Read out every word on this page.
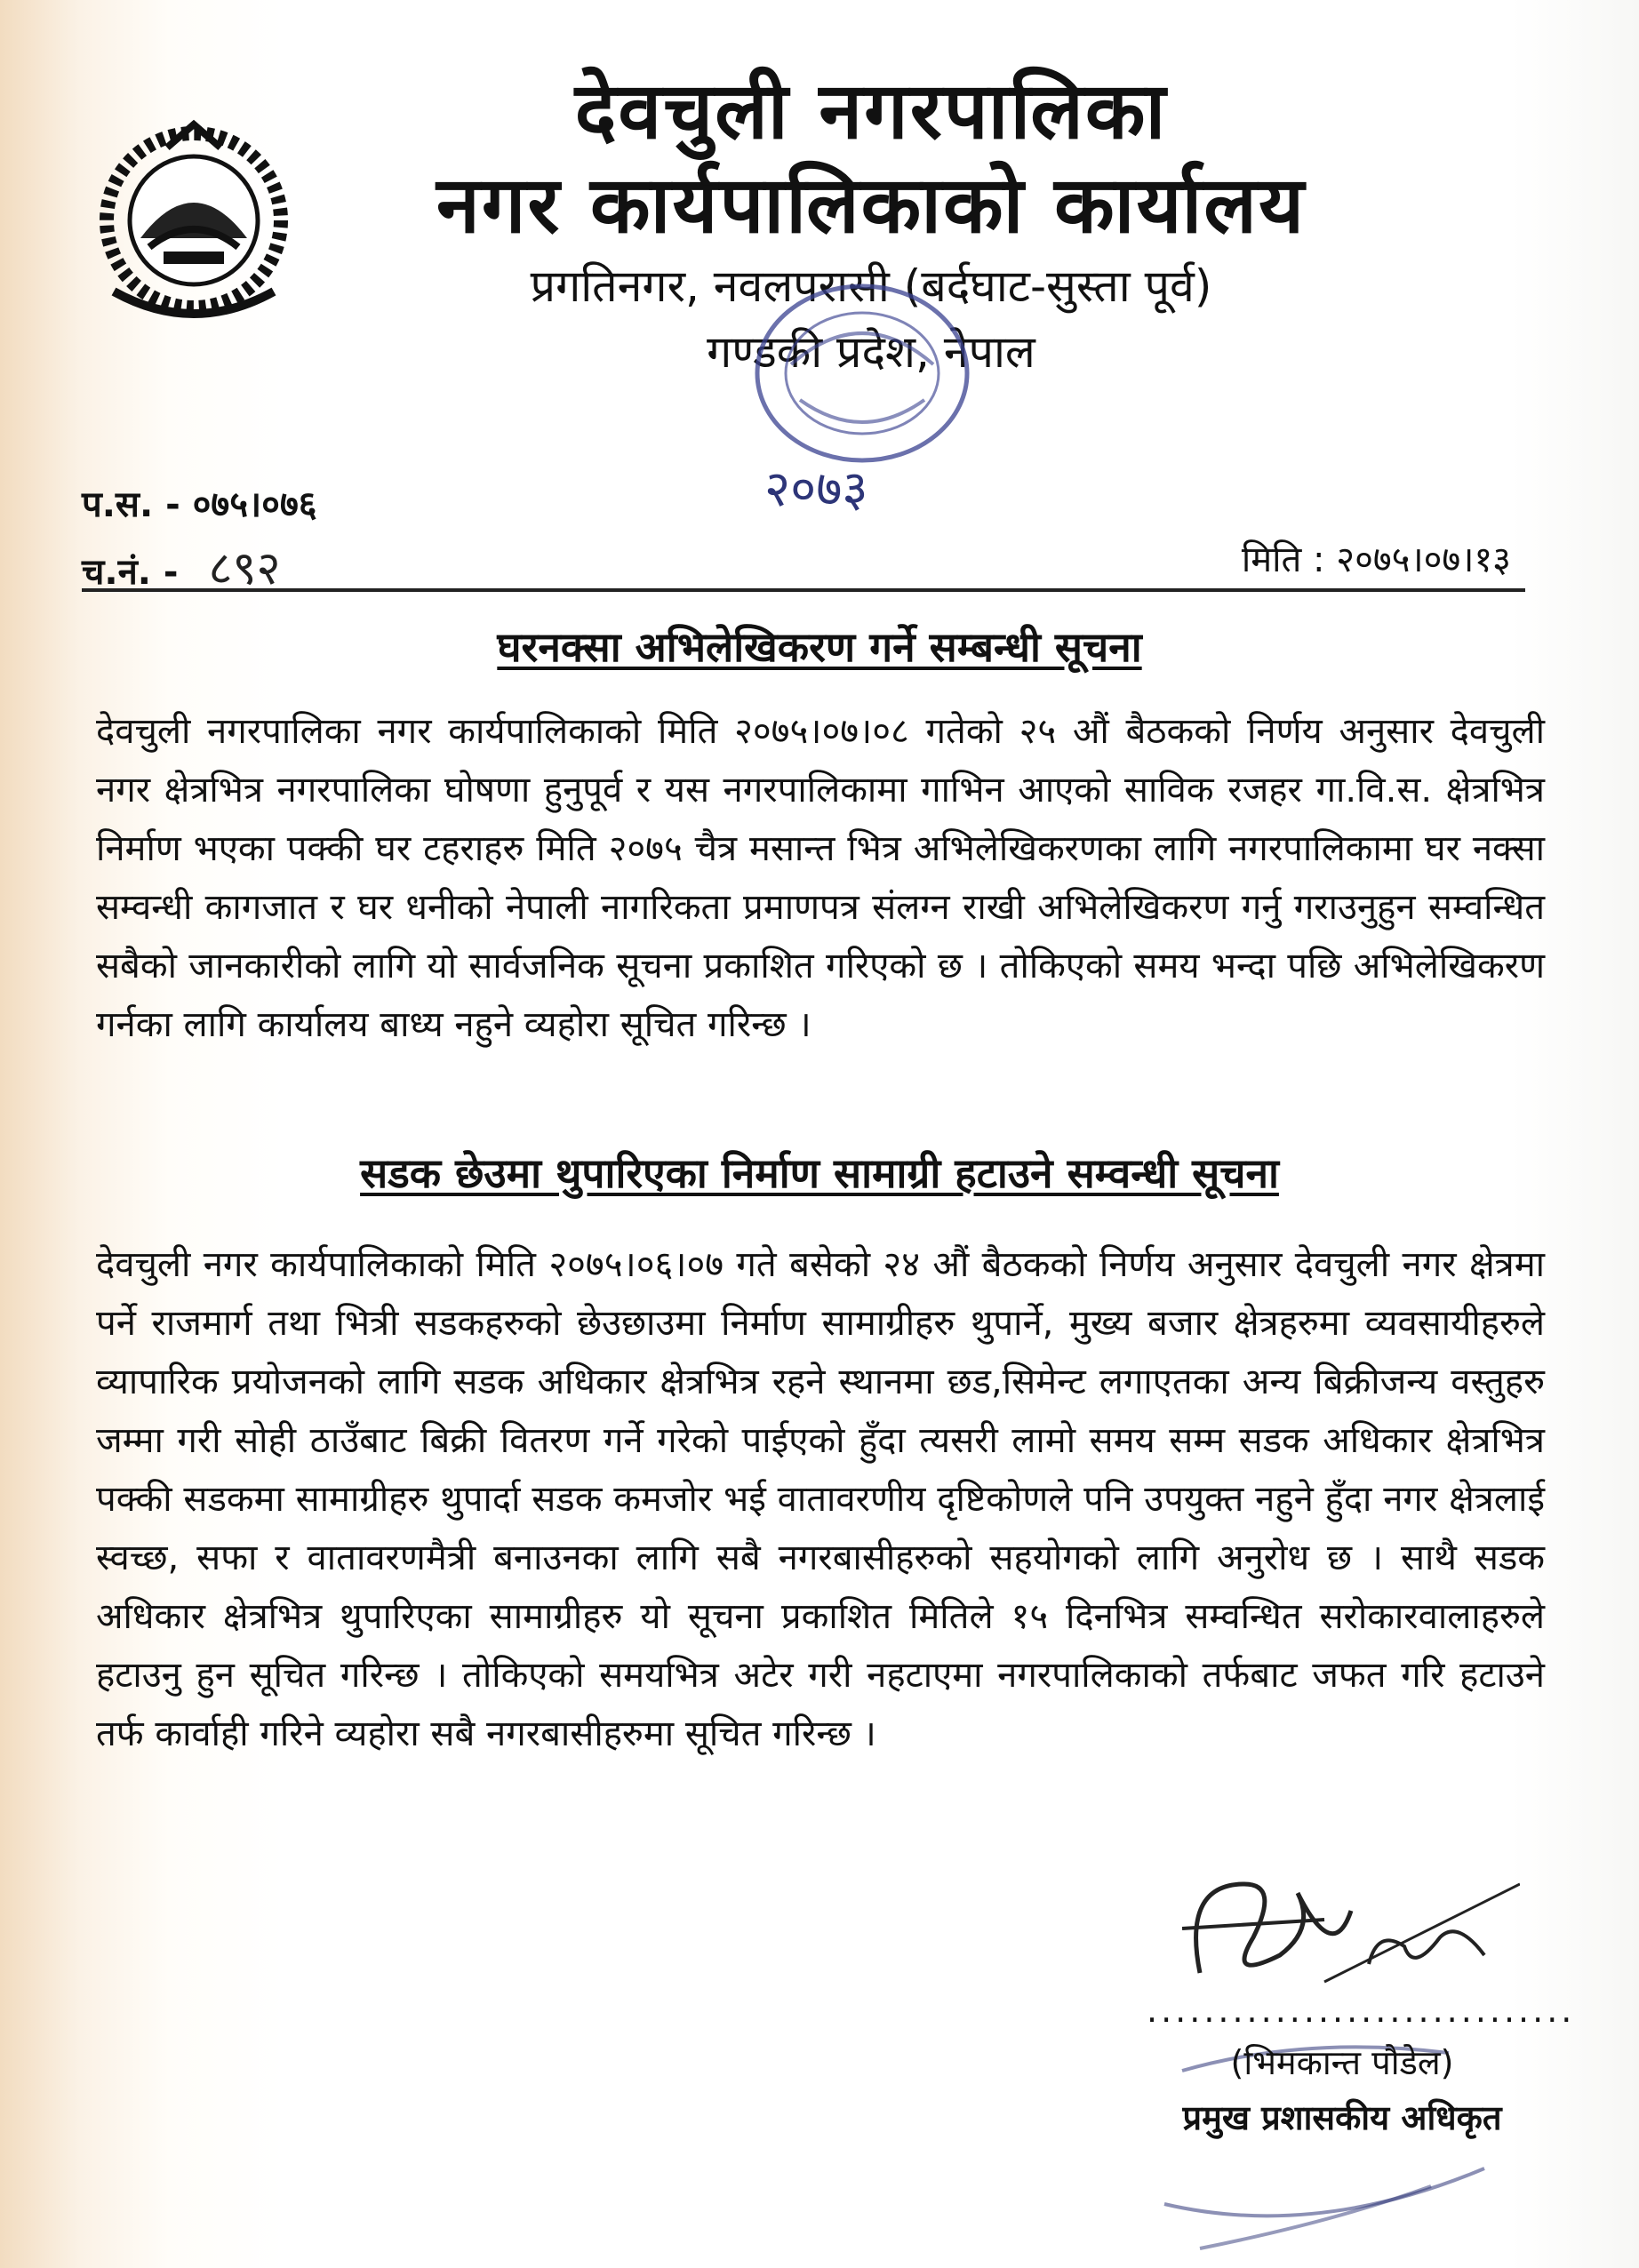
देवचुली नगरपालिका
नगर कार्यपालिकाको कार्यालय
प्रगतिनगर, नवलपरासी (बर्दघाट-सुस्ता पूर्व)
गण्डकी प्रदेश, नेपाल
२०७३
प.स. - ०७५।०७६
च.नं. - ८९२	मिति : २०७५।०७।१३
घरनक्सा अभिलेखिकरण गर्ने सम्बन्धी सूचना
देवचुली नगरपालिका नगर कार्यपालिकाको मिति २०७५।०७।०८ गतेको २५ औं बैठकको निर्णय अनुसार देवचुली नगर क्षेत्रभित्र नगरपालिका घोषणा हुनुपूर्व र यस नगरपालिकामा गाभिन आएको साविक रजहर गा.वि.स. क्षेत्रभित्र निर्माण भएका पक्की घर टहराहरु मिति २०७५ चैत्र मसान्त भित्र अभिलेखिकरणका लागि नगरपालिकामा घर नक्सा सम्वन्धी कागजात र घर धनीको नेपाली नागरिकता प्रमाणपत्र संलग्न राखी अभिलेखिकरण गर्नु गराउनुहुन सम्वन्धित सबैको जानकारीको लागि यो सार्वजनिक सूचना प्रकाशित गरिएको छ । तोकिएको समय भन्दा पछि अभिलेखिकरण गर्नका लागि कार्यालय बाध्य नहुने व्यहोरा सूचित गरिन्छ ।
सडक छेउमा थुपारिएका निर्माण सामाग्री हटाउने सम्वन्धी सूचना
देवचुली नगर कार्यपालिकाको मिति २०७५।०६।०७ गते बसेको २४ औं बैठकको निर्णय अनुसार देवचुली नगर क्षेत्रमा पर्ने राजमार्ग तथा भित्री सडकहरुको छेउछाउमा निर्माण सामाग्रीहरु थुपार्ने, मुख्य बजार क्षेत्रहरुमा व्यवसायीहरुले व्यापारिक प्रयोजनको लागि सडक अधिकार क्षेत्रभित्र रहने स्थानमा छड,सिमेन्ट लगाएतका अन्य बिक्रीजन्य वस्तुहरु जम्मा गरी सोही ठाउँबाट बिक्री वितरण गर्ने गरेको पाईएको हुँदा त्यसरी लामो समय सम्म सडक अधिकार क्षेत्रभित्र पक्की सडकमा सामाग्रीहरु थुपार्दा सडक कमजोर भई वातावरणीय दृष्टिकोणले पनि उपयुक्त नहुने हुँदा नगर क्षेत्रलाई स्वच्छ, सफा र वातावरणमैत्री बनाउनका लागि सबै नगरबासीहरुको सहयोगको लागि अनुरोध छ । साथै सडक अधिकार क्षेत्रभित्र थुपारिएका सामाग्रीहरु यो सूचना प्रकाशित मितिले १५ दिनभित्र सम्वन्धित सरोकारवालाहरुले हटाउनु हुन सूचित गरिन्छ । तोकिएको समयभित्र अटेर गरी नहटाएमा नगरपालिकाको तर्फबाट जफत गरि हटाउने तर्फ कार्वाही गरिने व्यहोरा सबै नगरबासीहरुमा सूचित गरिन्छ ।
..............................
(भिमकान्त पौडेल)
प्रमुख प्रशासकीय अधिकृत
